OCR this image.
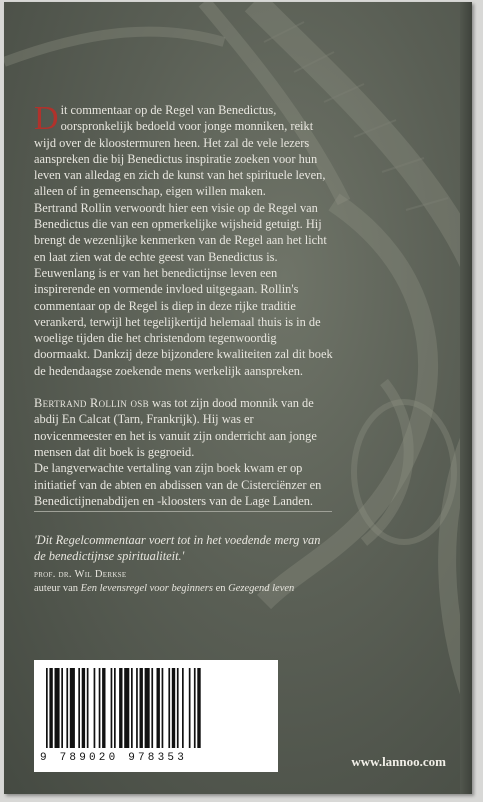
Dit commentaar op de Regel van Benedictus, oorspronkelijk bedoeld voor jonge monniken, reikt wijd over de kloostermuren heen. Het zal de vele lezers aanspreken die bij Benedictus inspiratie zoeken voor hun leven van alledag en zich de kunst van het spirituele leven, alleen of in gemeenschap, eigen willen maken.

Bertrand Rollin verwoordt hier een visie op de Regel van Benedictus die van een opmerkelijke wijsheid getuigt. Hij brengt de wezenlijke kenmerken van de Regel aan het licht en laat zien wat de echte geest van Benedictus is. Eeuwenlang is er van het benedictijnse leven een inspirerende en vormende invloed uitgegaan. Rollin's commentaar op de Regel is diep in deze rijke traditie verankerd, terwijl het tegelijkertijd helemaal thuis is in de woelige tijden die het christendom tegenwoordig doormaakt. Dankzij deze bijzondere kwaliteiten zal dit boek de hedendaagse zoekende mens werkelijk aanspreken.

Bertrand Rollin osb was tot zijn dood monnik van de abdij En Calcat (Tarn, Frankrijk). Hij was er novicenmeester en het is vanuit zijn onderricht aan jonge mensen dat dit boek is gegroeid.

De langverwachte vertaling van zijn boek kwam er op initiatief van de abten en abdissen van de Cisterciënzer en Benedictijnenabdijen en -kloosters van de Lage Landen.

'Dit Regelcommentaar voert tot in het voedende merg van de benedictijnse spiritualiteit.'

prof. dr. Wil Derkse
auteur van Een levensregel voor beginners en Gezegend leven
9 789020 978353	www.lannoo.com
